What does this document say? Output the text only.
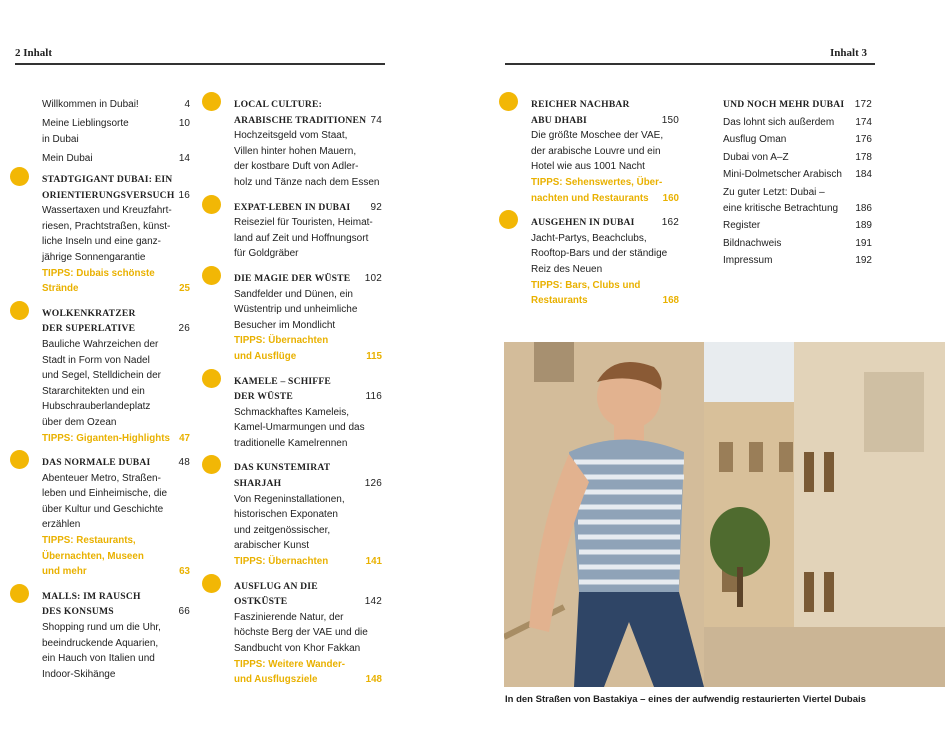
2 Inhalt	Inhalt 3
Willkommen in Dubai!	4
Meine Lieblingsorte	10
in Dubai
Mein Dubai	14
STADTGIGANT DUBAI: EIN
ORIENTIERUNGSVERSUCH 16
Wassertaxen und Kreuzfahrt-
riesen, Prachtstraßen, künst-
liche Inseln und eine ganz-
jährige Sonnengarantie
TIPPS: Dubais schönste
Strände	25
WOLKENKRATZER
DER SUPERLATIVE	26
Bauliche Wahrzeichen der
Stadt in Form von Nadel
und Segel, Stelldichein der
Stararchitekten und ein
Hubschrauberlandeplatz
über dem Ozean
TIPPS: Giganten-Highlights 47
DAS NORMALE DUBAI	48
Abenteuer Metro, Straßen-
leben und Einheimische, die
über Kultur und Geschichte
erzählen
TIPPS: Restaurants,
Übernachten, Museen
und mehr	63
MALLS: IM RAUSCH
DES KONSUMS	66
Shopping rund um die Uhr,
beeindruckende Aquarien,
ein Hauch von Italien und
Indoor-Skihänge
LOCAL CULTURE:
ARABISCHE TRADITIONEN 74
Hochzeitsgeld vom Staat,
Villen hinter hohen Mauern,
der kostbare Duft von Adler-
holz und Tänze nach dem Essen
EXPAT-LEBEN IN DUBAI 92
Reiseziel für Touristen, Heimat-
land auf Zeit und Hoffnungsort
für Goldgräber
DIE MAGIE DER WÜSTE 102
Sandfelder und Dünen, ein
Wüstentrip und unheimliche
Besucher im Mondlicht
TIPPS: Übernachten
und Ausflüge	115
KAMELE – SCHIFFE
DER WÜSTE	116
Schmackhaftes Kameleis,
Kamel-Umarmungen und das
traditionelle Kamelrennen
DAS KUNSTEMIRAT
SHARJAH	126
Von Regeninstallationen,
historischen Exponaten
und zeitgenössischer,
arabischer Kunst
TIPPS: Übernachten	141
AUSFLUG AN DIE
OSTKÜSTE	142
Faszinierende Natur, der
höchste Berg der VAE und die
Sandbucht von Khor Fakkan
TIPPS: Weitere Wander-
und Ausflugsziele	148
REICHER NACHBAR
ABU DHABI	150
Die größte Moschee der VAE,
der arabische Louvre und ein
Hotel wie aus 1001 Nacht
TIPPS: Sehenswertes, Über-
nachten und Restaurants 160
AUSGEHEN IN DUBAI	162
Jacht-Partys, Beachclubs,
Rooftop-Bars und der ständige
Reiz des Neuen
TIPPS: Bars, Clubs und
Restaurants	168
UND NOCH MEHR DUBAI 172
Das lohnt sich außerdem 174
Ausflug Oman	176
Dubai von A–Z	178
Mini-Dolmetscher Arabisch 184
Zu guter Letzt: Dubai –
eine kritische Betrachtung 186
Register	189
Bildnachweis	191
Impressum	192
In den Straßen von Bastakiya – eines der aufwendig restaurierten Viertel Dubais
